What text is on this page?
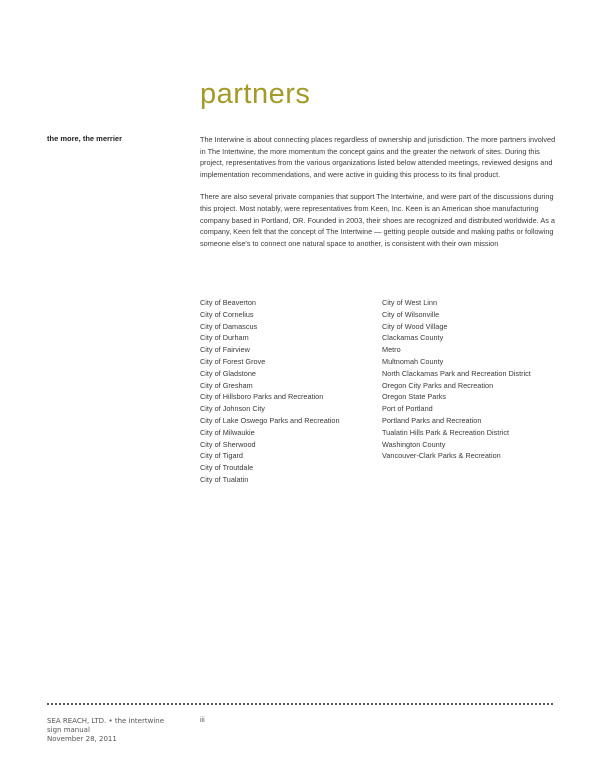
partners
the more, the merrier	The Interwine is about connecting places regardless of ownership and jurisdiction. The more partners involved in The Intertwine, the more momentum the concept gains and the greater the network of sites. During this project, representatives from the various organizations listed below attended meetings, reviewed designs and implementation recommendations, and were active in guiding this process to its final product.

There are also several private companies that support The Intertwine, and were part of the discussions during this project. Most notably, were representatives from Keen, Inc. Keen is an American shoe manufacturing company based in Portland, OR. Founded in 2003, their shoes are recognized and distributed worldwide. As a company, Keen felt that the concept of The Intertwine — getting people outside and making paths or following someone else's to connect one natural space to another, is consistent with their own mission

City of Beaverton
City of Cornelius
City of Damascus
City of Durham
City of Fairview
City of Forest Grove
City of Gladstone
City of Gresham
City of Hillsboro Parks and Recreation
City of Johnson City
City of Lake Oswego Parks and Recreation
City of Milwaukie
City of Sherwood
City of Tigard
City of Troutdale
City of Tualatin
City of West Linn
City of Wilsonville
City of Wood Village
Clackamas County
Metro
Multnomah County
North Clackamas Park and Recreation District
Oregon City Parks and Recreation
Oregon State Parks
Port of Portland
Portland Parks and Recreation
Tualatin Hills Park & Recreation District
Washington County
Vancouver-Clark Parks & Recreation
SEA REACH, LTD. • the intertwine
sign manual
November 28, 2011
iii
